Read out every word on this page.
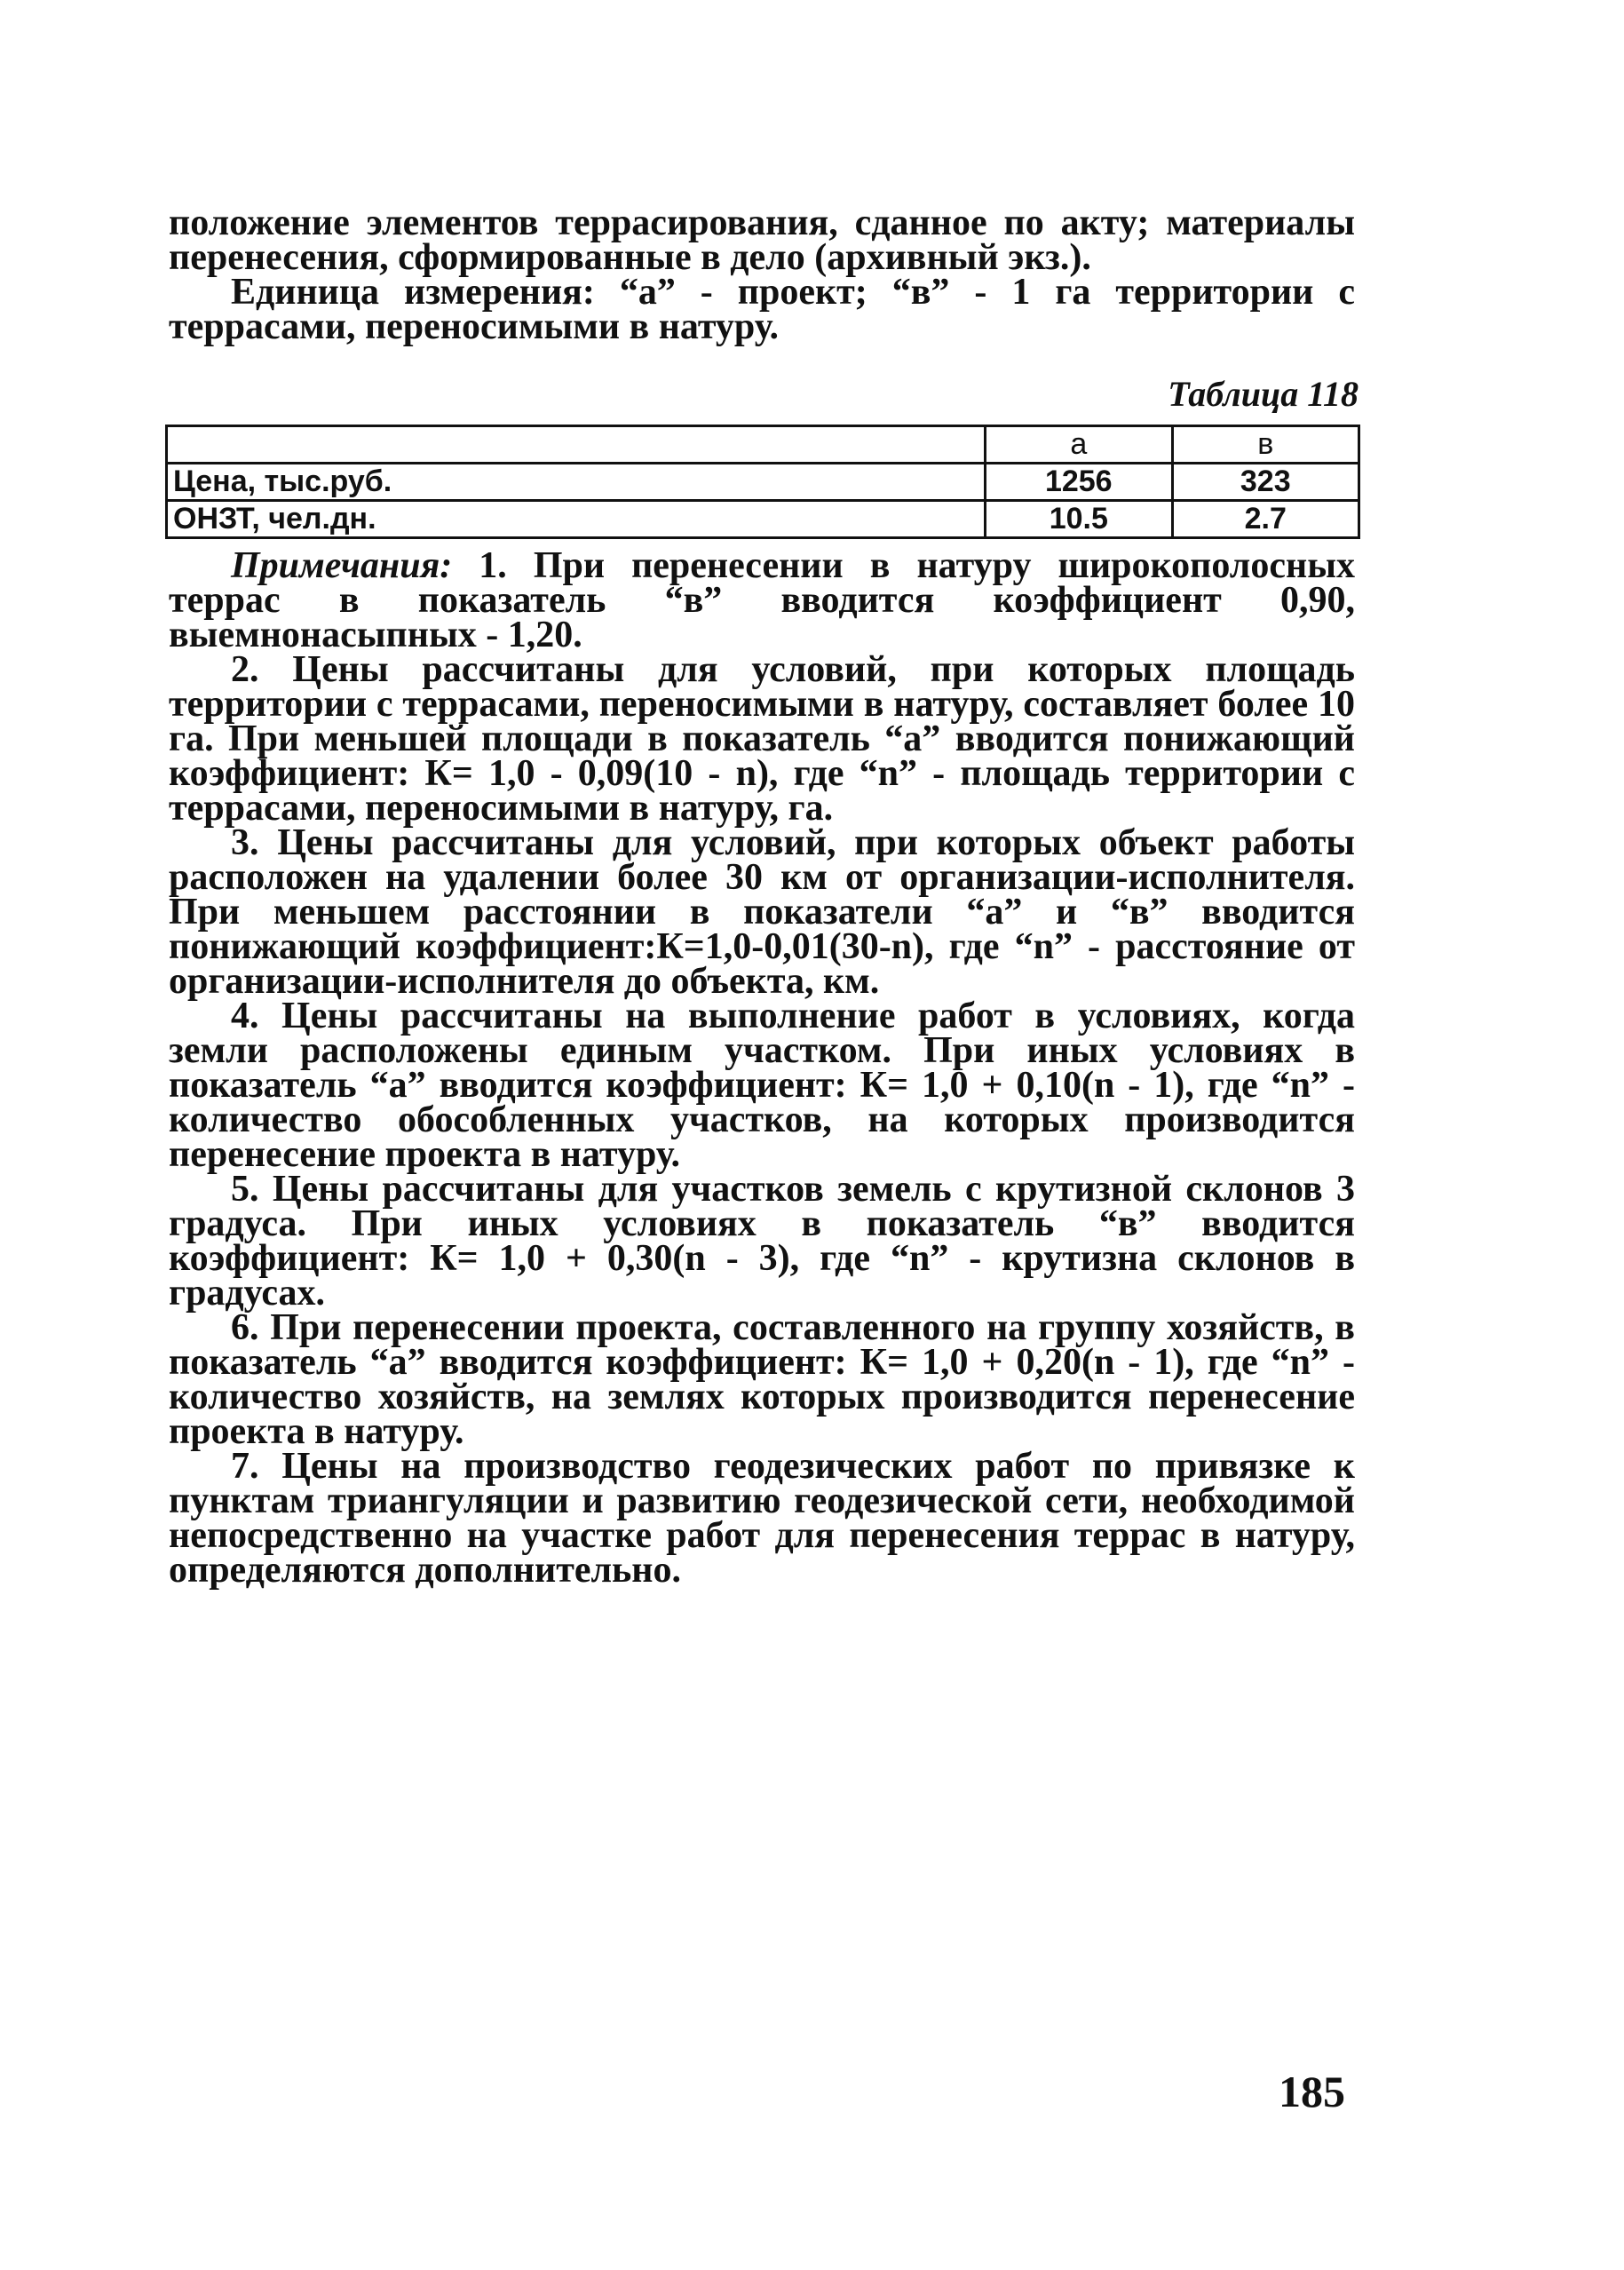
положение элементов террасирования, сданное по акту; материалы перенесения, сформированные в дело (архивный экз.).

Единица измерения: “а” - проект; “в” - 1 га территории с террасами, переносимыми в натуру.

Таблица 118
	а	в
Цена, тыс.руб.	1256	323
ОНЗТ, чел.дн.	10.5	2.7

Примечания: 1. При перенесении в натуру широкополосных террас в показатель “в” вводится коэффициент 0,90, выемнонасыпных - 1,20.

2. Цены рассчитаны для условий, при которых площадь территории с террасами, переносимыми в натуру, составляет более 10 га. При меньшей площади в показатель “а” вводится понижающий коэффициент: К= 1,0 - 0,09(10 - n), где “n” - площадь территории с террасами, переносимыми в натуру, га.

3. Цены рассчитаны для условий, при которых объект работы расположен на удалении более 30 км от организации-исполнителя. При меньшем расстоянии в показатели “а” и “в” вводится понижающий коэффициент:К=1,0-0,01(30-n), где “n” - расстояние от организации-исполнителя до объекта, км.

4. Цены рассчитаны на выполнение работ в условиях, когда земли расположены единым участком. При иных условиях в показатель “а” вводится коэффициент: К= 1,0 + 0,10(n - 1), где “n” - количество обособленных участков, на которых производится перенесение проекта в натуру.

5. Цены рассчитаны для участков земель с крутизной склонов 3 градуса. При иных условиях в показатель “в” вводится коэффициент: К= 1,0 + 0,30(n - 3), где “n” - крутизна склонов в градусах.

6. При перенесении проекта, составленного на группу хозяйств, в показатель “а” вводится коэффициент: К= 1,0 + 0,20(n - 1), где “n” - количество хозяйств, на землях которых производится перенесение проекта в натуру.

7. Цены на производство геодезических работ по привязке к пунктам триангуляции и развитию геодезической сети, необходимой непосредственно на участке работ для перенесения террас в натуру, определяются дополнительно.

185
